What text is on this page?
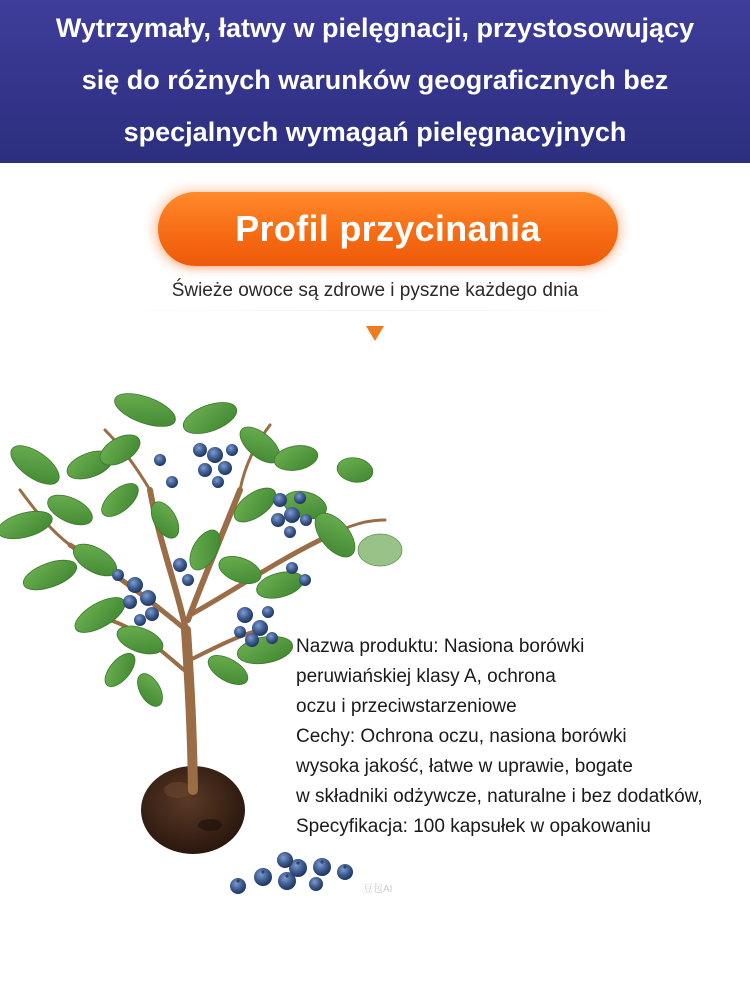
Wytrzymały, łatwy w pielęgnacji, przystosowujący
się do różnych warunków geograficznych bez
specjalnych wymagań pielęgnacyjnych
Profil przycinania
Świeże owoce są zdrowe i pyszne każdego dnia
豆包AI
Nazwa produktu: Nasiona borówki
peruwiańskiej klasy A, ochrona
oczu i przeciwstarzeniowe
Cechy: Ochrona oczu, nasiona borówki
wysoka jakość, łatwe w uprawie, bogate
w składniki odżywcze, naturalne i bez dodatków,
Specyfikacja: 100 kapsułek w opakowaniu
